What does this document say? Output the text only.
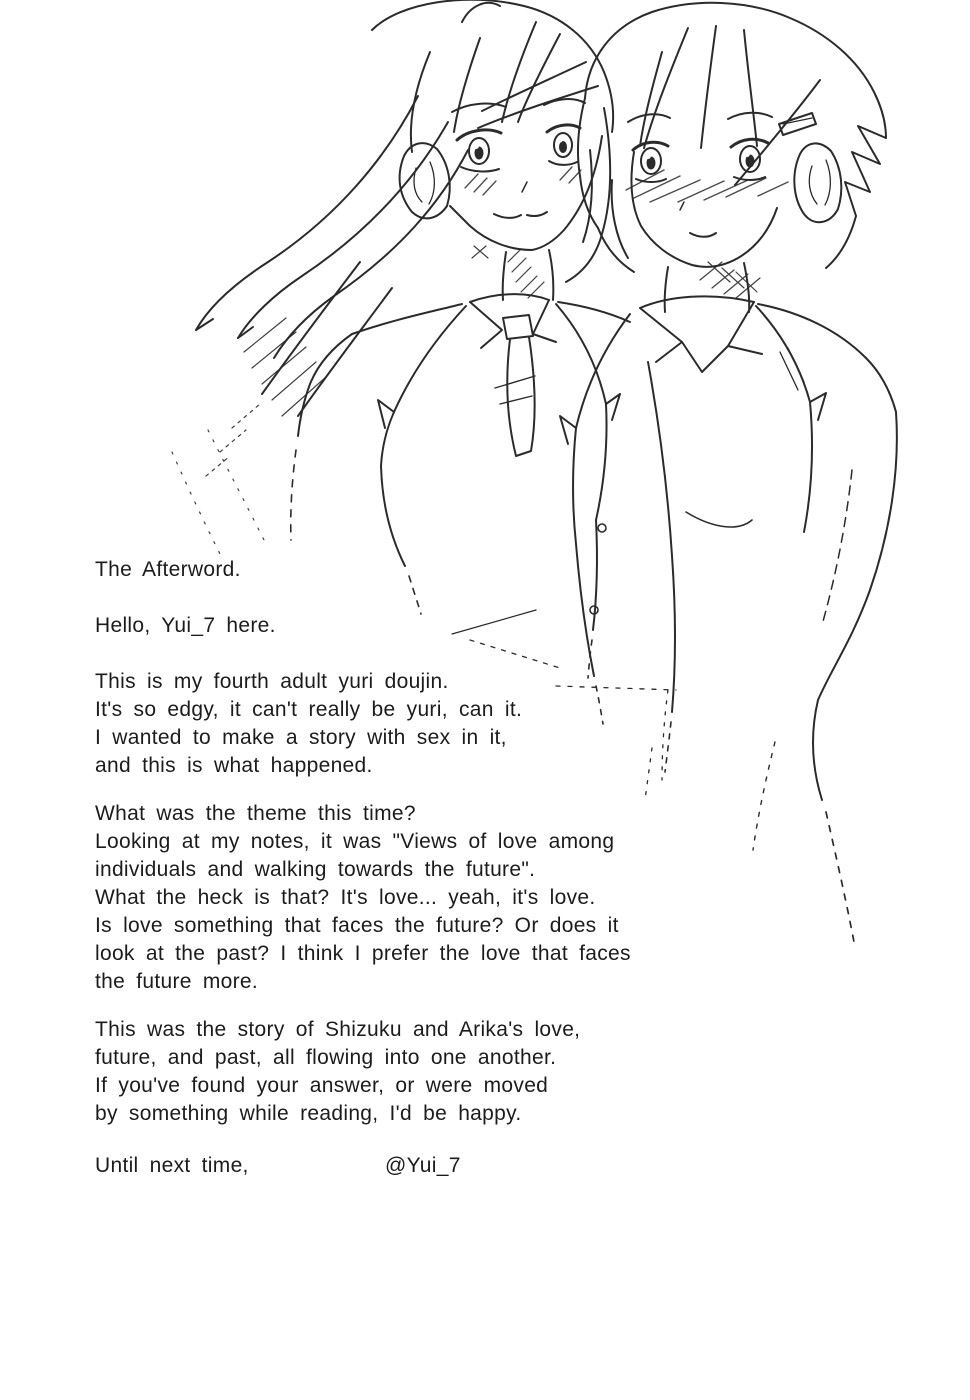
The Afterword.
Hello, Yui_7 here.
This is my fourth adult yuri doujin.
It's so edgy, it can't really be yuri, can it.
I wanted to make a story with sex in it,
and this is what happened.
What was the theme this time?
Looking at my notes, it was "Views of love among
individuals and walking towards the future".
What the heck is that? It's love... yeah, it's love.
Is love something that faces the future? Or does it
look at the past? I think I prefer the love that faces
the future more.
This was the story of Shizuku and Arika's love,
future, and past, all flowing into one another.
If you've found your answer, or were moved
by something while reading, I'd be happy.
Until next time,	@Yui_7
